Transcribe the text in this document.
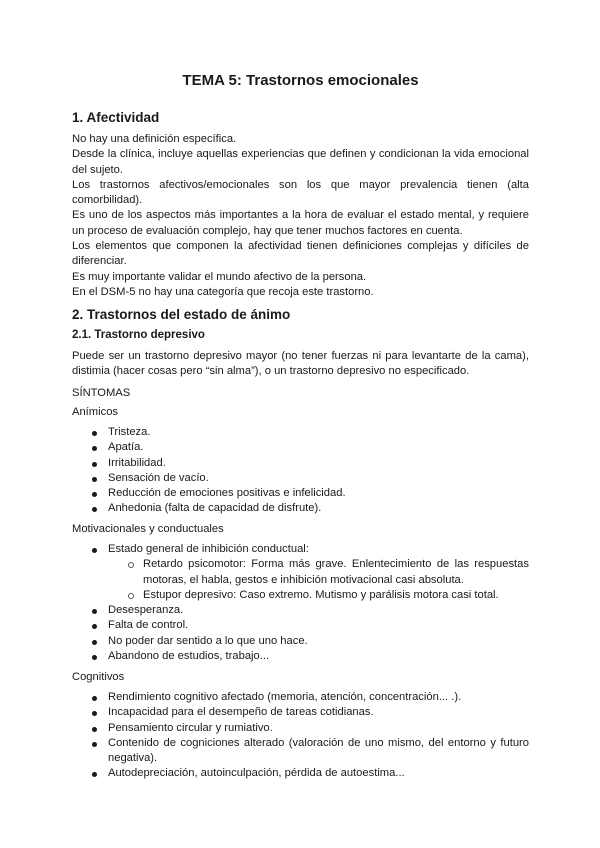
TEMA 5: Trastornos emocionales
1. Afectividad

No hay una definición específica.

Desde la clínica, incluye aquellas experiencias que definen y condicionan la vida emocional del sujeto.

Los trastornos afectivos/emocionales son los que mayor prevalencia tienen (alta comorbilidad).

Es uno de los aspectos más importantes a la hora de evaluar el estado mental, y requiere un proceso de evaluación complejo, hay que tener muchos factores en cuenta.

Los elementos que componen la afectividad tienen definiciones complejas y difíciles de diferenciar.

Es muy importante validar el mundo afectivo de la persona.

En el DSM-5 no hay una categoría que recoja este trastorno.

2. Trastornos del estado de ánimo
2.1. Trastorno depresivo
Puede ser un trastorno depresivo mayor (no tener fuerzas ni para levantarte de la cama), distimia (hacer cosas pero “sin alma”), o un trastorno depresivo no especificado.
SÍNTOMAS
Anímicos
Tristeza.
Apatía.
Irritabilidad.
Sensación de vacío.
Reducción de emociones positivas e infelicidad.
Anhedonia (falta de capacidad de disfrute).
Motivacionales y conductuales
Estado general de inhibición conductual:
Retardo psicomotor: Forma más grave. Enlentecimiento de las respuestas motoras, el habla, gestos e inhibición motivacional casi absoluta.
Estupor depresivo: Caso extremo. Mutismo y parálisis motora casi total.
Desesperanza.
Falta de control.
No poder dar sentido a lo que uno hace.
Abandono de estudios, trabajo...
Cognitivos
Rendimiento cognitivo afectado (memoria, atención, concentración... .).
Incapacidad para el desempeño de tareas cotidianas.
Pensamiento circular y rumiativo.
Contenido de cogniciones alterado (valoración de uno mismo, del entorno y futuro negativa).
Autodepreciación, autoinculpación, pérdida de autoestima...
